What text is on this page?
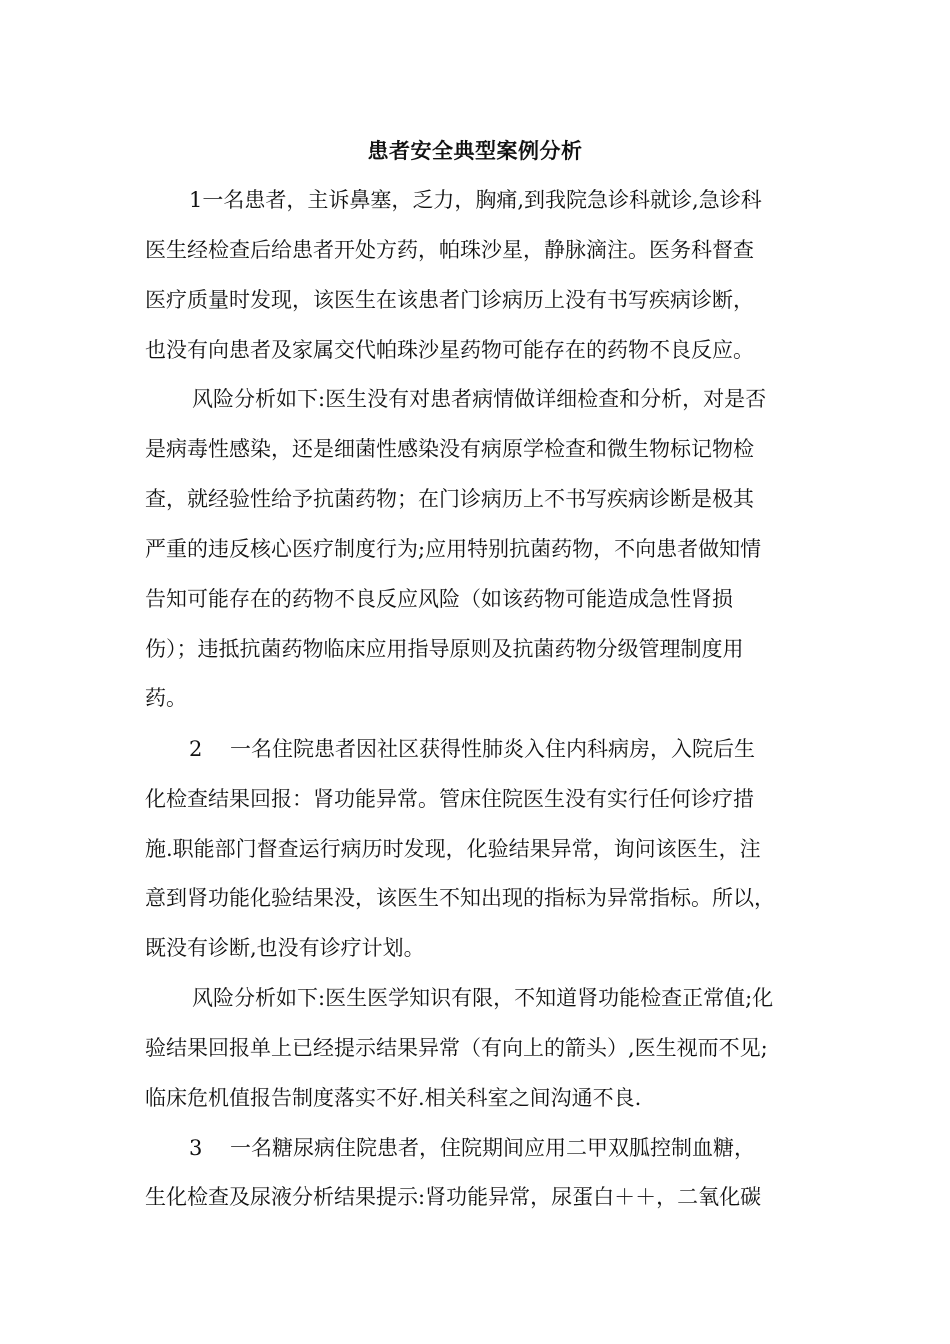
患者安全典型案例分析
1一名患者，主诉鼻塞，乏力，胸痛,到我院急诊科就诊,急诊科
医生经检查后给患者开处方药，帕珠沙星，静脉滴注。医务科督查
医疗质量时发现，该医生在该患者门诊病历上没有书写疾病诊断，
也没有向患者及家属交代帕珠沙星药物可能存在的药物不良反应。
风险分析如下:医生没有对患者病情做详细检查和分析，对是否
是病毒性感染，还是细菌性感染没有病原学检查和微生物标记物检
查，就经验性给予抗菌药物；在门诊病历上不书写疾病诊断是极其
严重的违反核心医疗制度行为;应用特别抗菌药物，不向患者做知情
告知可能存在的药物不良反应风险（如该药物可能造成急性肾损
伤）；违抵抗菌药物临床应用指导原则及抗菌药物分级管理制度用
药。
2　 一名住院患者因社区获得性肺炎入住内科病房，入院后生
化检查结果回报：肾功能异常。管床住院医生没有实行任何诊疗措
施.职能部门督查运行病历时发现，化验结果异常，询问该医生，注
意到肾功能化验结果没，该医生不知出现的指标为异常指标。所以，
既没有诊断,也没有诊疗计划。
风险分析如下:医生医学知识有限，不知道肾功能检查正常值;化
验结果回报单上已经提示结果异常（有向上的箭头）,医生视而不见;
临床危机值报告制度落实不好.相关科室之间沟通不良.
3　 一名糖尿病住院患者，住院期间应用二甲双胍控制血糖，
生化检查及尿液分析结果提示:肾功能异常，尿蛋白＋＋，二氧化碳
